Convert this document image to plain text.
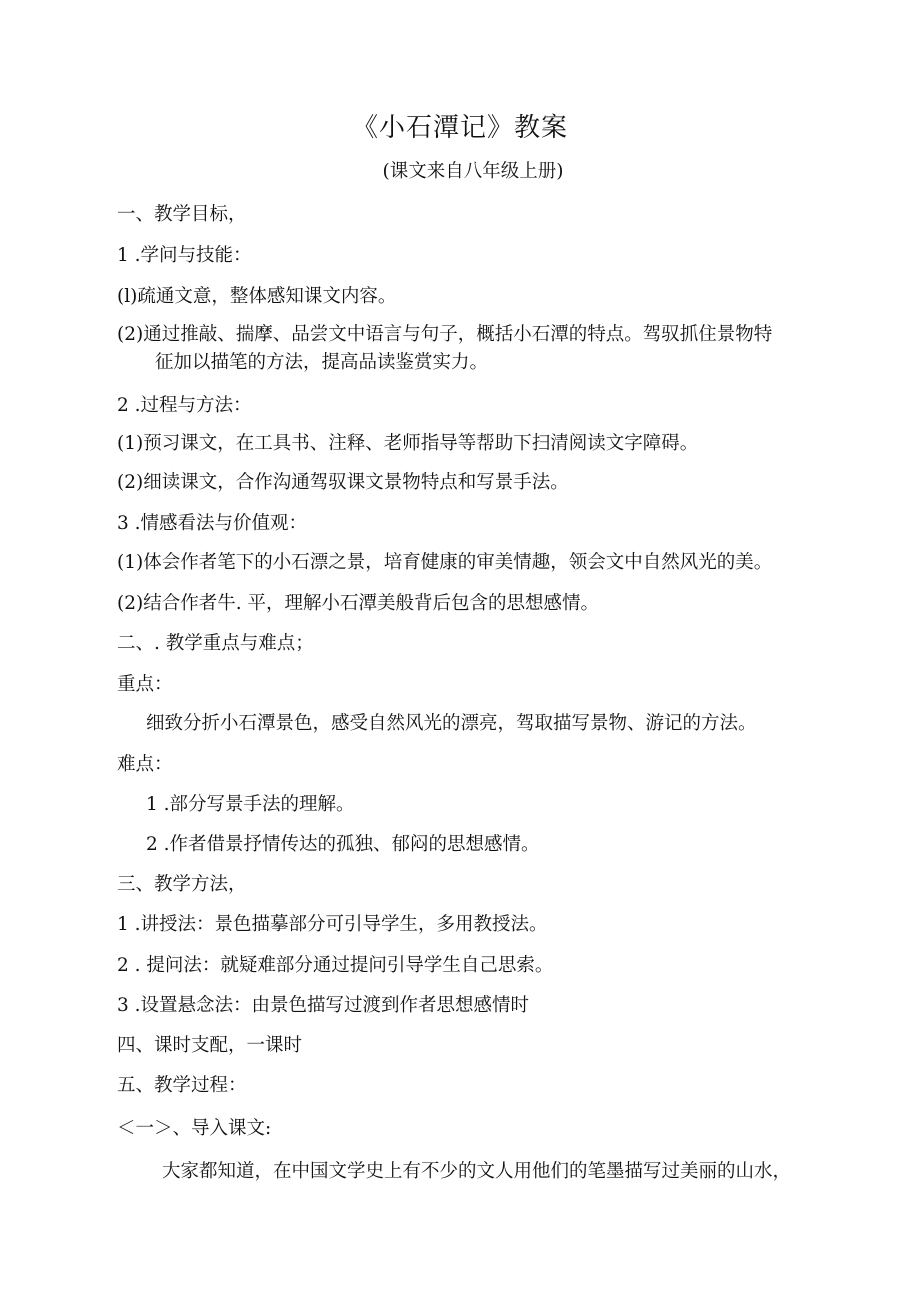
《小石潭记》教案
(课文来自八年级上册)
一、教学目标，
1 .学问与技能：
(l)疏通文意，整体感知课文内容。
(2)通过推敲、揣摩、品尝文中语言与句子，概括小石潭的特点。驾驭抓住景物特
征加以描笔的方法，提高品读鉴赏实力。
2 .过程与方法：
(1)预习课文，在工具书、注释、老师指导等帮助下扫清阅读文字障碍。
(2)细读课文，合作沟通驾驭课文景物特点和写景手法。
3 .情感看法与价值观：
(1)体会作者笔下的小石漂之景，培育健康的审美情趣，领会文中自然风光的美。
(2)结合作者牛. 平，理解小石潭美般背后包含的思想感情。
二、. 教学重点与难点；
重点：
细致分折小石潭景色，感受自然风光的漂亮，驾取描写景物、游记的方法。
难点：
1 .部分写景手法的理解。
2 .作者借景抒情传达的孤独、郁闷的思想感情。
三、教学方法，
1 .讲授法：景色描摹部分可引导学生，多用教授法。
2 . 提问法：就疑难部分通过提问引导学生自己思索。
3 .设置悬念法：由景色描写过渡到作者思想感情时
四、课时支配，一课时
五、教学过程：
＜一＞、导入课文:
大家都知道，在中国文学史上有不少的文人用他们的笔墨描写过美丽的山水，
